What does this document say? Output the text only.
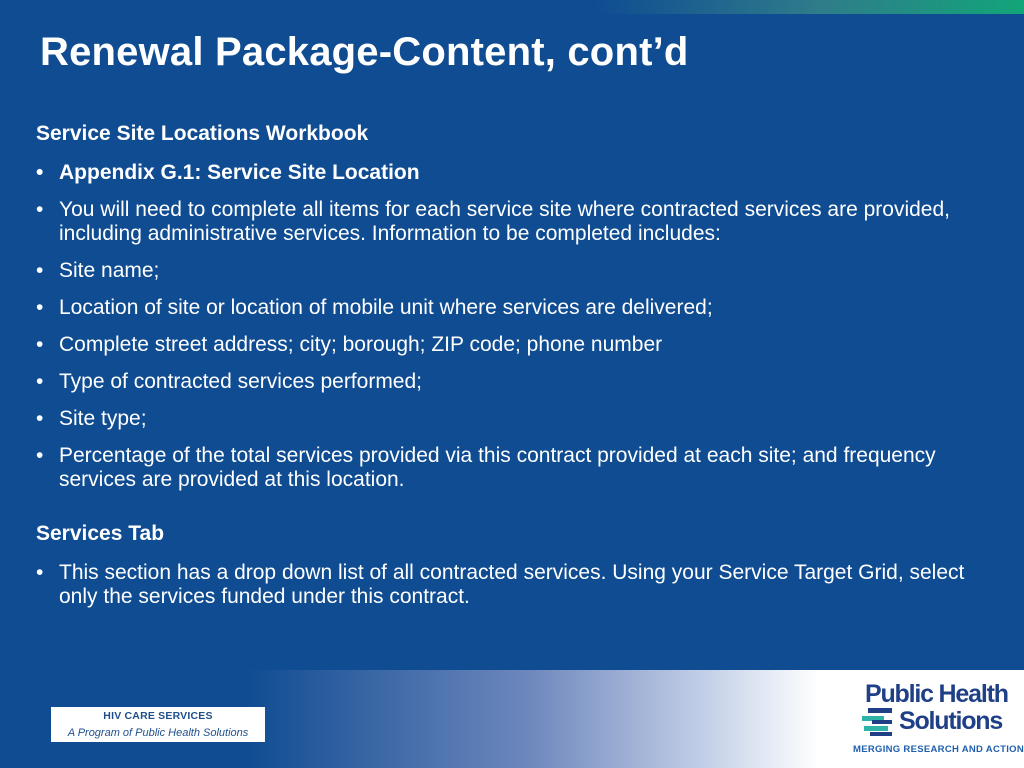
Renewal Package-Content, cont’d
Service Site Locations Workbook
• Appendix G.1: Service Site Location
• You will need to complete all items for each service site where contracted services are provided, including administrative services. Information to be completed includes:
• Site name;
• Location of site or location of mobile unit where services are delivered;
• Complete street address; city; borough; ZIP code; phone number
• Type of contracted services performed;
• Site type;
• Percentage of the total services provided via this contract provided at each site; and frequency services are provided at this location.
Services Tab
• This section has a drop down list of all contracted services. Using your Service Target Grid, select only the services funded under this contract.
HIV CARE SERVICES
A Program of Public Health Solutions
Public Health
Solutions
MERGING RESEARCH AND ACTION
